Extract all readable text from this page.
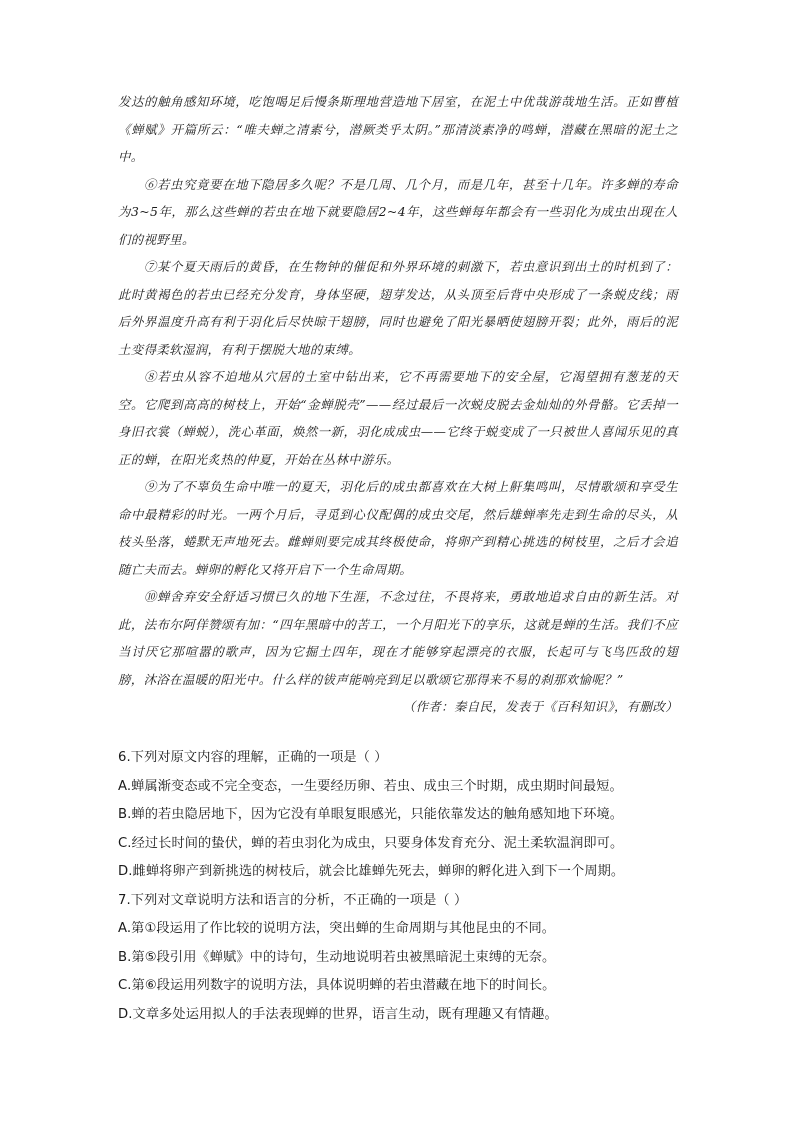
发达的触角感知环境，吃饱喝足后慢条斯理地营造地下居室，在泥土中优哉游哉地生活。正如曹植《蝉赋》开篇所云：“唯夫蝉之清素兮，潜厥类乎太阴。”那清淡素净的鸣蝉，潜藏在黑暗的泥土之中。

⑥若虫究竟要在地下隐居多久呢？不是几周、几个月，而是几年，甚至十几年。许多蝉的寿命为3~5年，那么这些蝉的若虫在地下就要隐居2~4年，这些蝉每年都会有一些羽化为成虫出现在人们的视野里。

⑦某个夏天雨后的黄昏，在生物钟的催促和外界环境的刺激下，若虫意识到出土的时机到了：此时黄褐色的若虫已经充分发育，身体坚硬，翅芽发达，从头顶至后背中央形成了一条蜕皮线；雨后外界温度升高有利于羽化后尽快晾干翅膀，同时也避免了阳光暴晒使翅膀开裂；此外，雨后的泥土变得柔软湿润，有利于摆脱大地的束缚。

⑧若虫从容不迫地从穴居的土室中钻出来，它不再需要地下的安全屋，它渴望拥有葱茏的天空。它爬到高高的树枝上，开始“金蝉脱壳”——经过最后一次蜕皮脱去金灿灿的外骨骼。它丢掉一身旧衣裳（蝉蜕），洗心革面，焕然一新，羽化成成虫——它终于蜕变成了一只被世人喜闻乐见的真正的蝉，在阳光炙热的仲夏，开始在丛林中游乐。

⑨为了不辜负生命中唯一的夏天，羽化后的成虫都喜欢在大树上鼾集鸣叫，尽情歌颂和享受生命中最精彩的时光。一两个月后，寻觅到心仪配偶的成虫交尾，然后雄蝉率先走到生命的尽头，从枝头坠落，蜷默无声地死去。雌蝉则要完成其终极使命，将卵产到精心挑选的树枝里，之后才会追随亡夫而去。蝉卵的孵化又将开启下一个生命周期。

⑩蝉舍弃安全舒适习惯已久的地下生涯，不念过往，不畏将来，勇敢地追求自由的新生活。对此，法布尔阿佯赞颂有加：“四年黑暗中的苦工，一个月阳光下的享乐，这就是蝉的生活。我们不应当讨厌它那喧嚣的歌声，因为它掘土四年，现在才能够穿起漂亮的衣服，长起可与飞鸟匹敌的翅膀，沐浴在温暖的阳光中。什么样的钹声能响亮到足以歌颂它那得来不易的刹那欢愉呢？”

（作者：秦自民，发表于《百科知识》，有删改）

6.下列对原文内容的理解，正确的一项是（ ）

A.蝉属渐变态或不完全变态，一生要经历卵、若虫、成虫三个时期，成虫期时间最短。

B.蝉的若虫隐居地下，因为它没有单眼复眼感光，只能依靠发达的触角感知地下环境。

C.经过长时间的蛰伏，蝉的若虫羽化为成虫，只要身体发育充分、泥土柔软温润即可。

D.雌蝉将卵产到新挑选的树枝后，就会比雄蝉先死去，蝉卵的孵化进入到下一个周期。

7.下列对文章说明方法和语言的分析，不正确的一项是（ ）

A.第①段运用了作比较的说明方法，突出蝉的生命周期与其他昆虫的不同。

B.第⑤段引用《蝉赋》中的诗句，生动地说明若虫被黑暗泥土束缚的无奈。

C.第⑥段运用列数字的说明方法，具体说明蝉的若虫潜藏在地下的时间长。

D.文章多处运用拟人的手法表现蝉的世界，语言生动，既有理趣又有情趣。
